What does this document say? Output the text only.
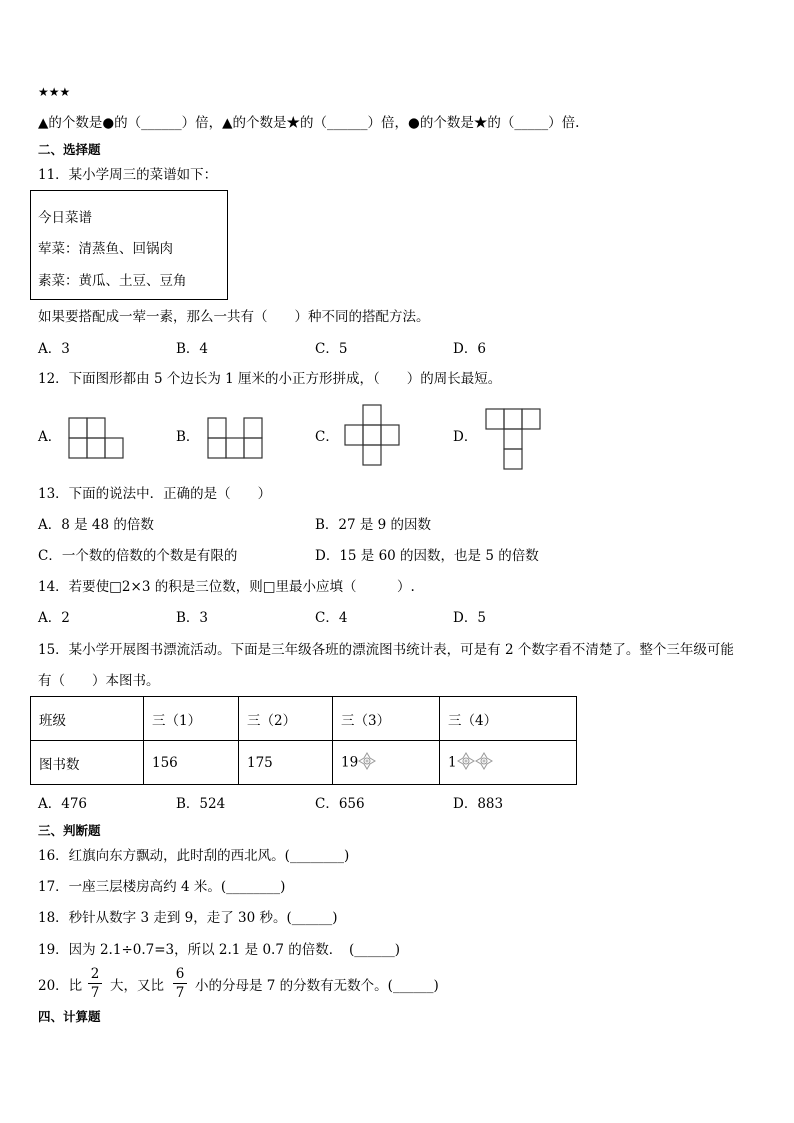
★★★
▲的个数是●的（______）倍，▲的个数是★的（______）倍，●的个数是★的（_____）倍.
二、选择题
11．某小学周三的菜谱如下：
今日菜谱
荤菜：清蒸鱼、回锅肉
素菜：黄瓜、土豆、豆角
如果要搭配成一荤一素，那么一共有（　　）种不同的搭配方法。
A．3	B．4	C．5	D．6
12．下面图形都由 5 个边长为 1 厘米的小正方形拼成，（　　）的周长最短。
A．	B．	C．	D．
13．下面的说法中．正确的是（　　）
A．8 是 48 的倍数	B．27 是 9 的因数
C．一个数的倍数的个数是有限的	D．15 是 60 的因数，也是 5 的倍数
14．若要使□2×3 的积是三位数，则□里最小应填（　　　）.
A．2	B．3	C．4	D．5
15．某小学开展图书漂流活动。下面是三年级各班的漂流图书统计表，可是有 2 个数字看不清楚了。整个三年级可能
有（　　）本图书。
班级	三（1）	三（2）	三（3）	三（4）
图书数	156	175	19	1
A．476	B．524	C．656	D．883
三、判断题
16．红旗向东方飘动，此时刮的西北风。(________)
17．一座三层楼房高约 4 米。(________)
18．秒针从数字 3 走到 9，走了 30 秒。(______)
19．因为 2.1÷0.7=3，所以 2.1 是 0.7 的倍数．　(______)
20．比
2
7 大，又比
6
7 小的分母是 7 的分数有无数个。(______)
四、计算题
